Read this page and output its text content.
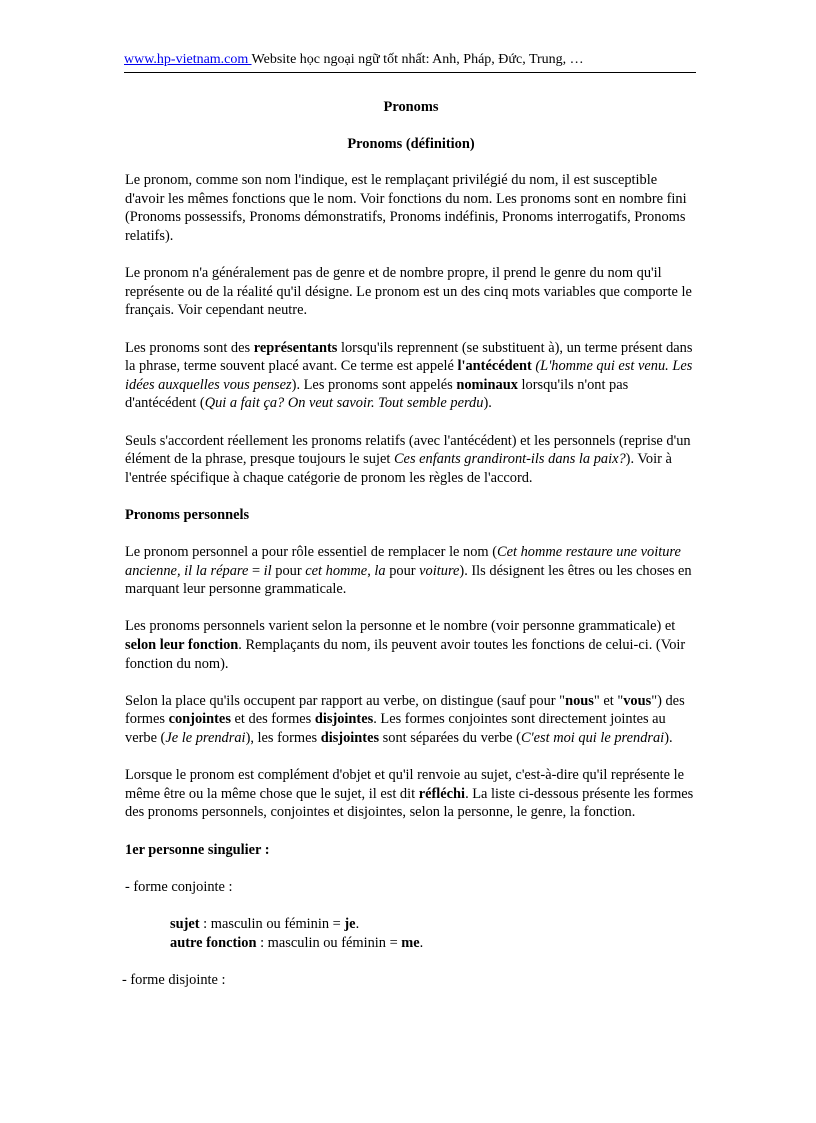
www.hp-vietnam.com Website học ngoại ngữ tốt nhất: Anh, Pháp, Đức, Trung, …
Pronoms
Pronoms (définition)

Le pronom, comme son nom l'indique, est le remplaçant privilégié du nom, il est susceptible d'avoir les mêmes fonctions que le nom. Voir fonctions du nom. Les pronoms sont en nombre fini (Pronoms possessifs, Pronoms démonstratifs, Pronoms indéfinis, Pronoms interrogatifs, Pronoms relatifs).

Le pronom n'a généralement pas de genre et de nombre propre, il prend le genre du nom qu'il représente ou de la réalité qu'il désigne. Le pronom est un des cinq mots variables que comporte le français. Voir cependant neutre.

Les pronoms sont des représentants lorsqu'ils reprennent (se substituent à), un terme présent dans la phrase, terme souvent placé avant. Ce terme est appelé l'antécédent (L'homme qui est venu. Les idées auxquelles vous pensez). Les pronoms sont appelés nominaux lorsqu'ils n'ont pas d'antécédent (Qui a fait ça? On veut savoir. Tout semble perdu).

Seuls s'accordent réellement les pronoms relatifs (avec l'antécédent) et les personnels (reprise d'un élément de la phrase, presque toujours le sujet Ces enfants grandiront-ils dans la paix?). Voir à l'entrée spécifique à chaque catégorie de pronom les règles de l'accord.

Pronoms personnels

Le pronom personnel a pour rôle essentiel de remplacer le nom (Cet homme restaure une voiture ancienne, il la répare = il pour cet homme, la pour voiture). Ils désignent les êtres ou les choses en marquant leur personne grammaticale.

Les pronoms personnels varient selon la personne et le nombre (voir personne grammaticale) et selon leur fonction. Remplaçants du nom, ils peuvent avoir toutes les fonctions de celui-ci. (Voir fonction du nom).

Selon la place qu'ils occupent par rapport au verbe, on distingue (sauf pour "nous" et "vous") des formes conjointes et des formes disjointes. Les formes conjointes sont directement jointes au verbe (Je le prendrai), les formes disjointes sont séparées du verbe (C'est moi qui le prendrai).

Lorsque le pronom est complément d'objet et qu'il renvoie au sujet, c'est-à-dire qu'il représente le même être ou la même chose que le sujet, il est dit réfléchi. La liste ci-dessous présente les formes des pronoms personnels, conjointes et disjointes, selon la personne, le genre, la fonction.

1er personne singulier :

- forme conjointe :

sujet : masculin ou féminin = je.
autre fonction : masculin ou féminin = me.

- forme disjointe :
